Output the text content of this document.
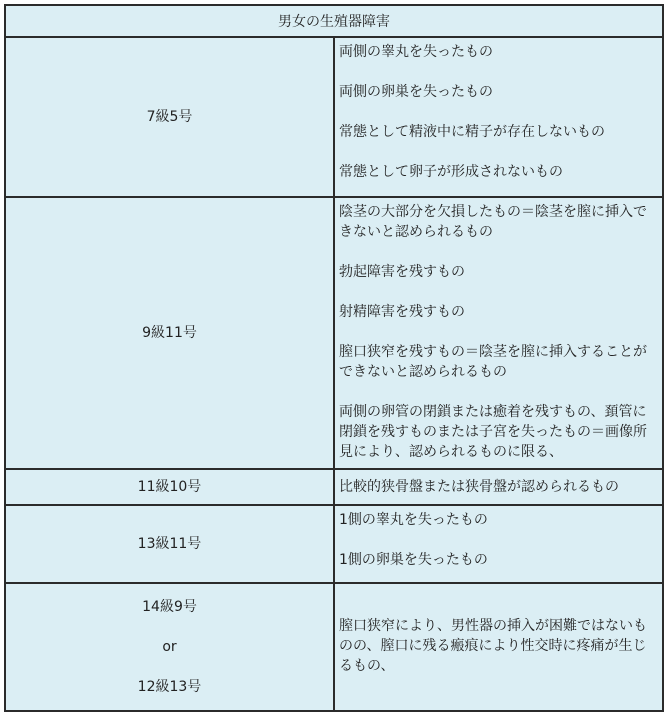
男女の生殖器障害	
7級5号	両側の睾丸を失ったもの
両側の卵巣を失ったもの
常態として精液中に精子が存在しないもの
常態として卵子が形成されないもの

9級11号	陰茎の大部分を欠損したもの＝陰茎を膣に挿入できないと認められるもの
勃起障害を残すもの
射精障害を残すもの
膣口狭窄を残すもの＝陰茎を膣に挿入することができないと認められるもの
両側の卵管の閉鎖または癒着を残すもの、頚管に閉鎖を残すものまたは子宮を失ったもの＝画像所見により、認められるものに限る、

11級10号	比較的狭骨盤または狭骨盤が認められるもの

13級11号	1側の睾丸を失ったもの
1側の卵巣を失ったもの

14級9号
or
12級13号	膣口狭窄により、男性器の挿入が困難ではないものの、膣口に残る瘢痕により性交時に疼痛が生じるもの、
